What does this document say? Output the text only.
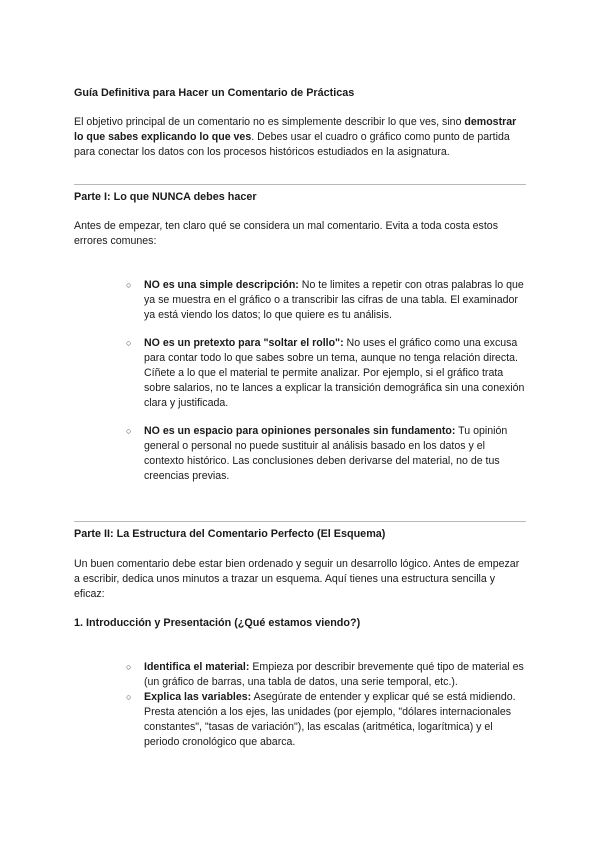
Guía Definitiva para Hacer un Comentario de Prácticas
El objetivo principal de un comentario no es simplemente describir lo que ves, sino demostrar lo que sabes explicando lo que ves. Debes usar el cuadro o gráfico como punto de partida para conectar los datos con los procesos históricos estudiados en la asignatura.
Parte I: Lo que NUNCA debes hacer
Antes de empezar, ten claro qué se considera un mal comentario. Evita a toda costa estos errores comunes:
○ NO es una simple descripción: No te limites a repetir con otras palabras lo que ya se muestra en el gráfico o a transcribir las cifras de una tabla. El examinador ya está viendo los datos; lo que quiere es tu análisis.
○ NO es un pretexto para "soltar el rollo": No uses el gráfico como una excusa para contar todo lo que sabes sobre un tema, aunque no tenga relación directa. Cíñete a lo que el material te permite analizar. Por ejemplo, si el gráfico trata sobre salarios, no te lances a explicar la transición demográfica sin una conexión clara y justificada.
○ NO es un espacio para opiniones personales sin fundamento: Tu opinión general o personal no puede sustituir al análisis basado en los datos y el contexto histórico. Las conclusiones deben derivarse del material, no de tus creencias previas.
Parte II: La Estructura del Comentario Perfecto (El Esquema)
Un buen comentario debe estar bien ordenado y seguir un desarrollo lógico. Antes de empezar a escribir, dedica unos minutos a trazar un esquema. Aquí tienes una estructura sencilla y eficaz:
1. Introducción y Presentación (¿Qué estamos viendo?)
○ Identifica el material: Empieza por describir brevemente qué tipo de material es (un gráfico de barras, una tabla de datos, una serie temporal, etc.).
○ Explica las variables: Asegúrate de entender y explicar qué se está midiendo. Presta atención a los ejes, las unidades (por ejemplo, "dólares internacionales constantes", "tasas de variación"), las escalas (aritmética, logarítmica) y el periodo cronológico que abarca.
